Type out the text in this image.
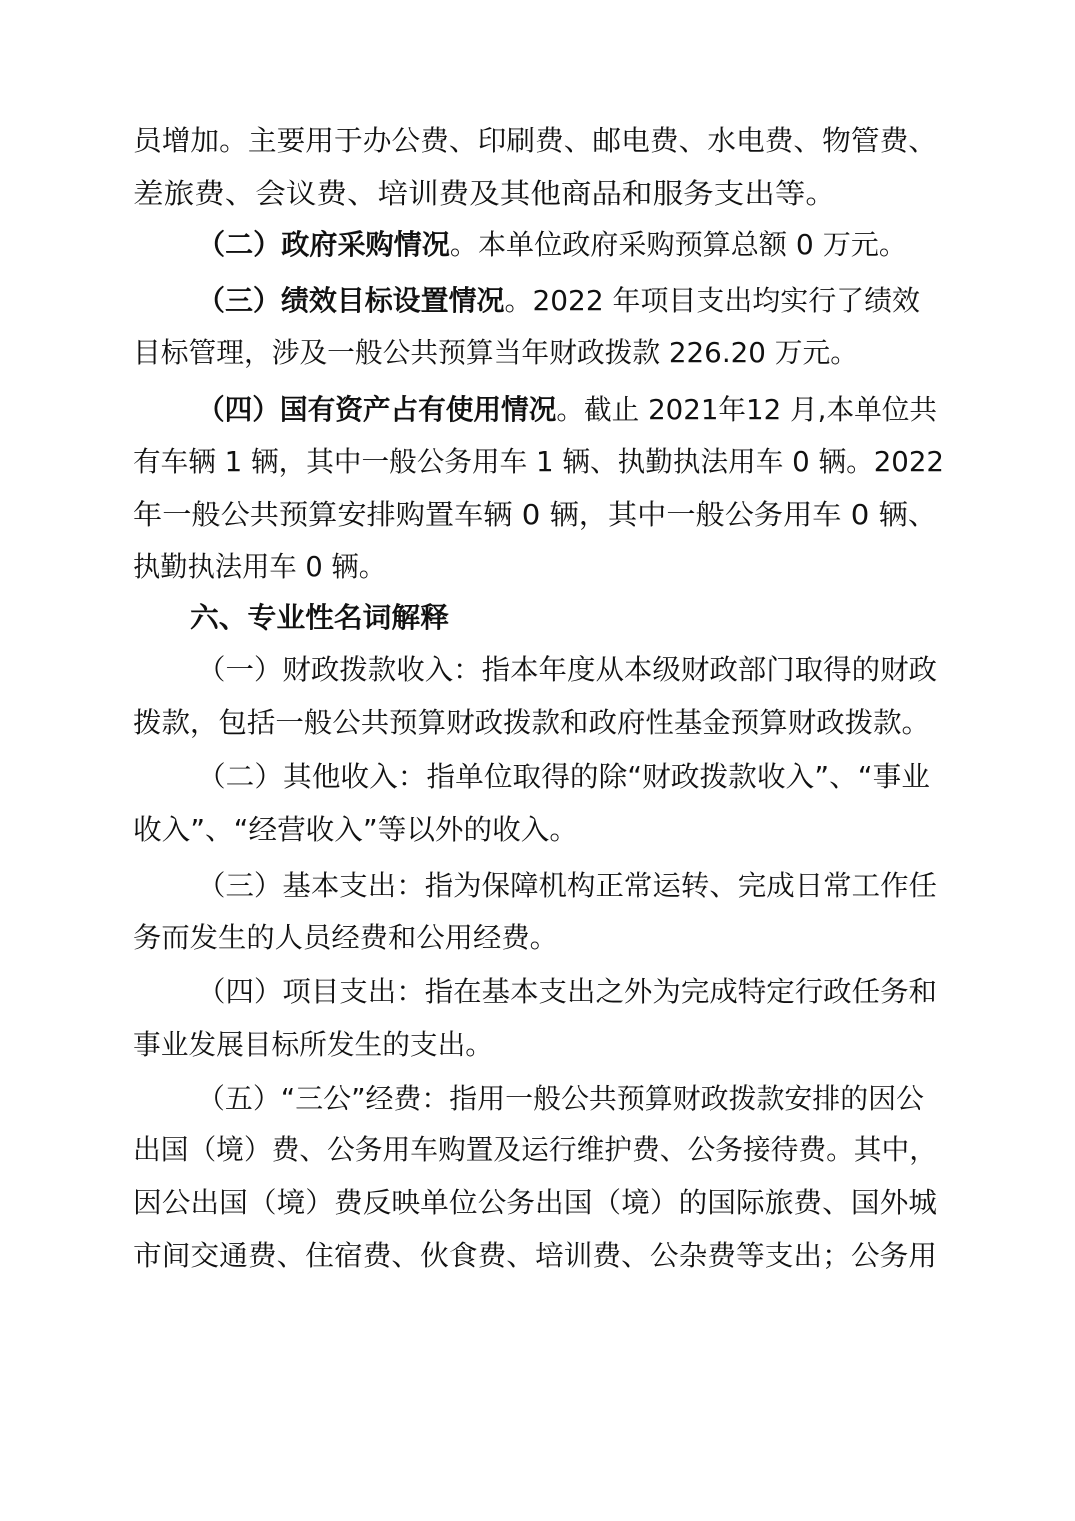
员增加。主要用于办公费、印刷费、邮电费、水电费、物管费、
差旅费、会议费、培训费及其他商品和服务支出等。
（二）政府采购情况。本单位政府采购预算总额 0 万元。
（三）绩效目标设置情况。2022 年项目支出均实行了绩效
目标管理，涉及一般公共预算当年财政拨款 226.20 万元。
（四）国有资产占有使用情况。截止 2021年12 月,本单位共
有车辆 1 辆，其中一般公务用车 1 辆、执勤执法用车 0 辆。2022
年一般公共预算安排购置车辆 0 辆，其中一般公务用车 0 辆、
执勤执法用车 0 辆。
六、专业性名词解释
（一）财政拨款收入：指本年度从本级财政部门取得的财政
拨款，包括一般公共预算财政拨款和政府性基金预算财政拨款。
（二）其他收入：指单位取得的除“财政拨款收入”、“事业
收入”、“经营收入”等以外的收入。
（三）基本支出：指为保障机构正常运转、完成日常工作任
务而发生的人员经费和公用经费。
（四）项目支出：指在基本支出之外为完成特定行政任务和
事业发展目标所发生的支出。
（五）“三公”经费：指用一般公共预算财政拨款安排的因公
出国（境）费、公务用车购置及运行维护费、公务接待费。其中，
因公出国（境）费反映单位公务出国（境）的国际旅费、国外城
市间交通费、住宿费、伙食费、培训费、公杂费等支出；公务用
